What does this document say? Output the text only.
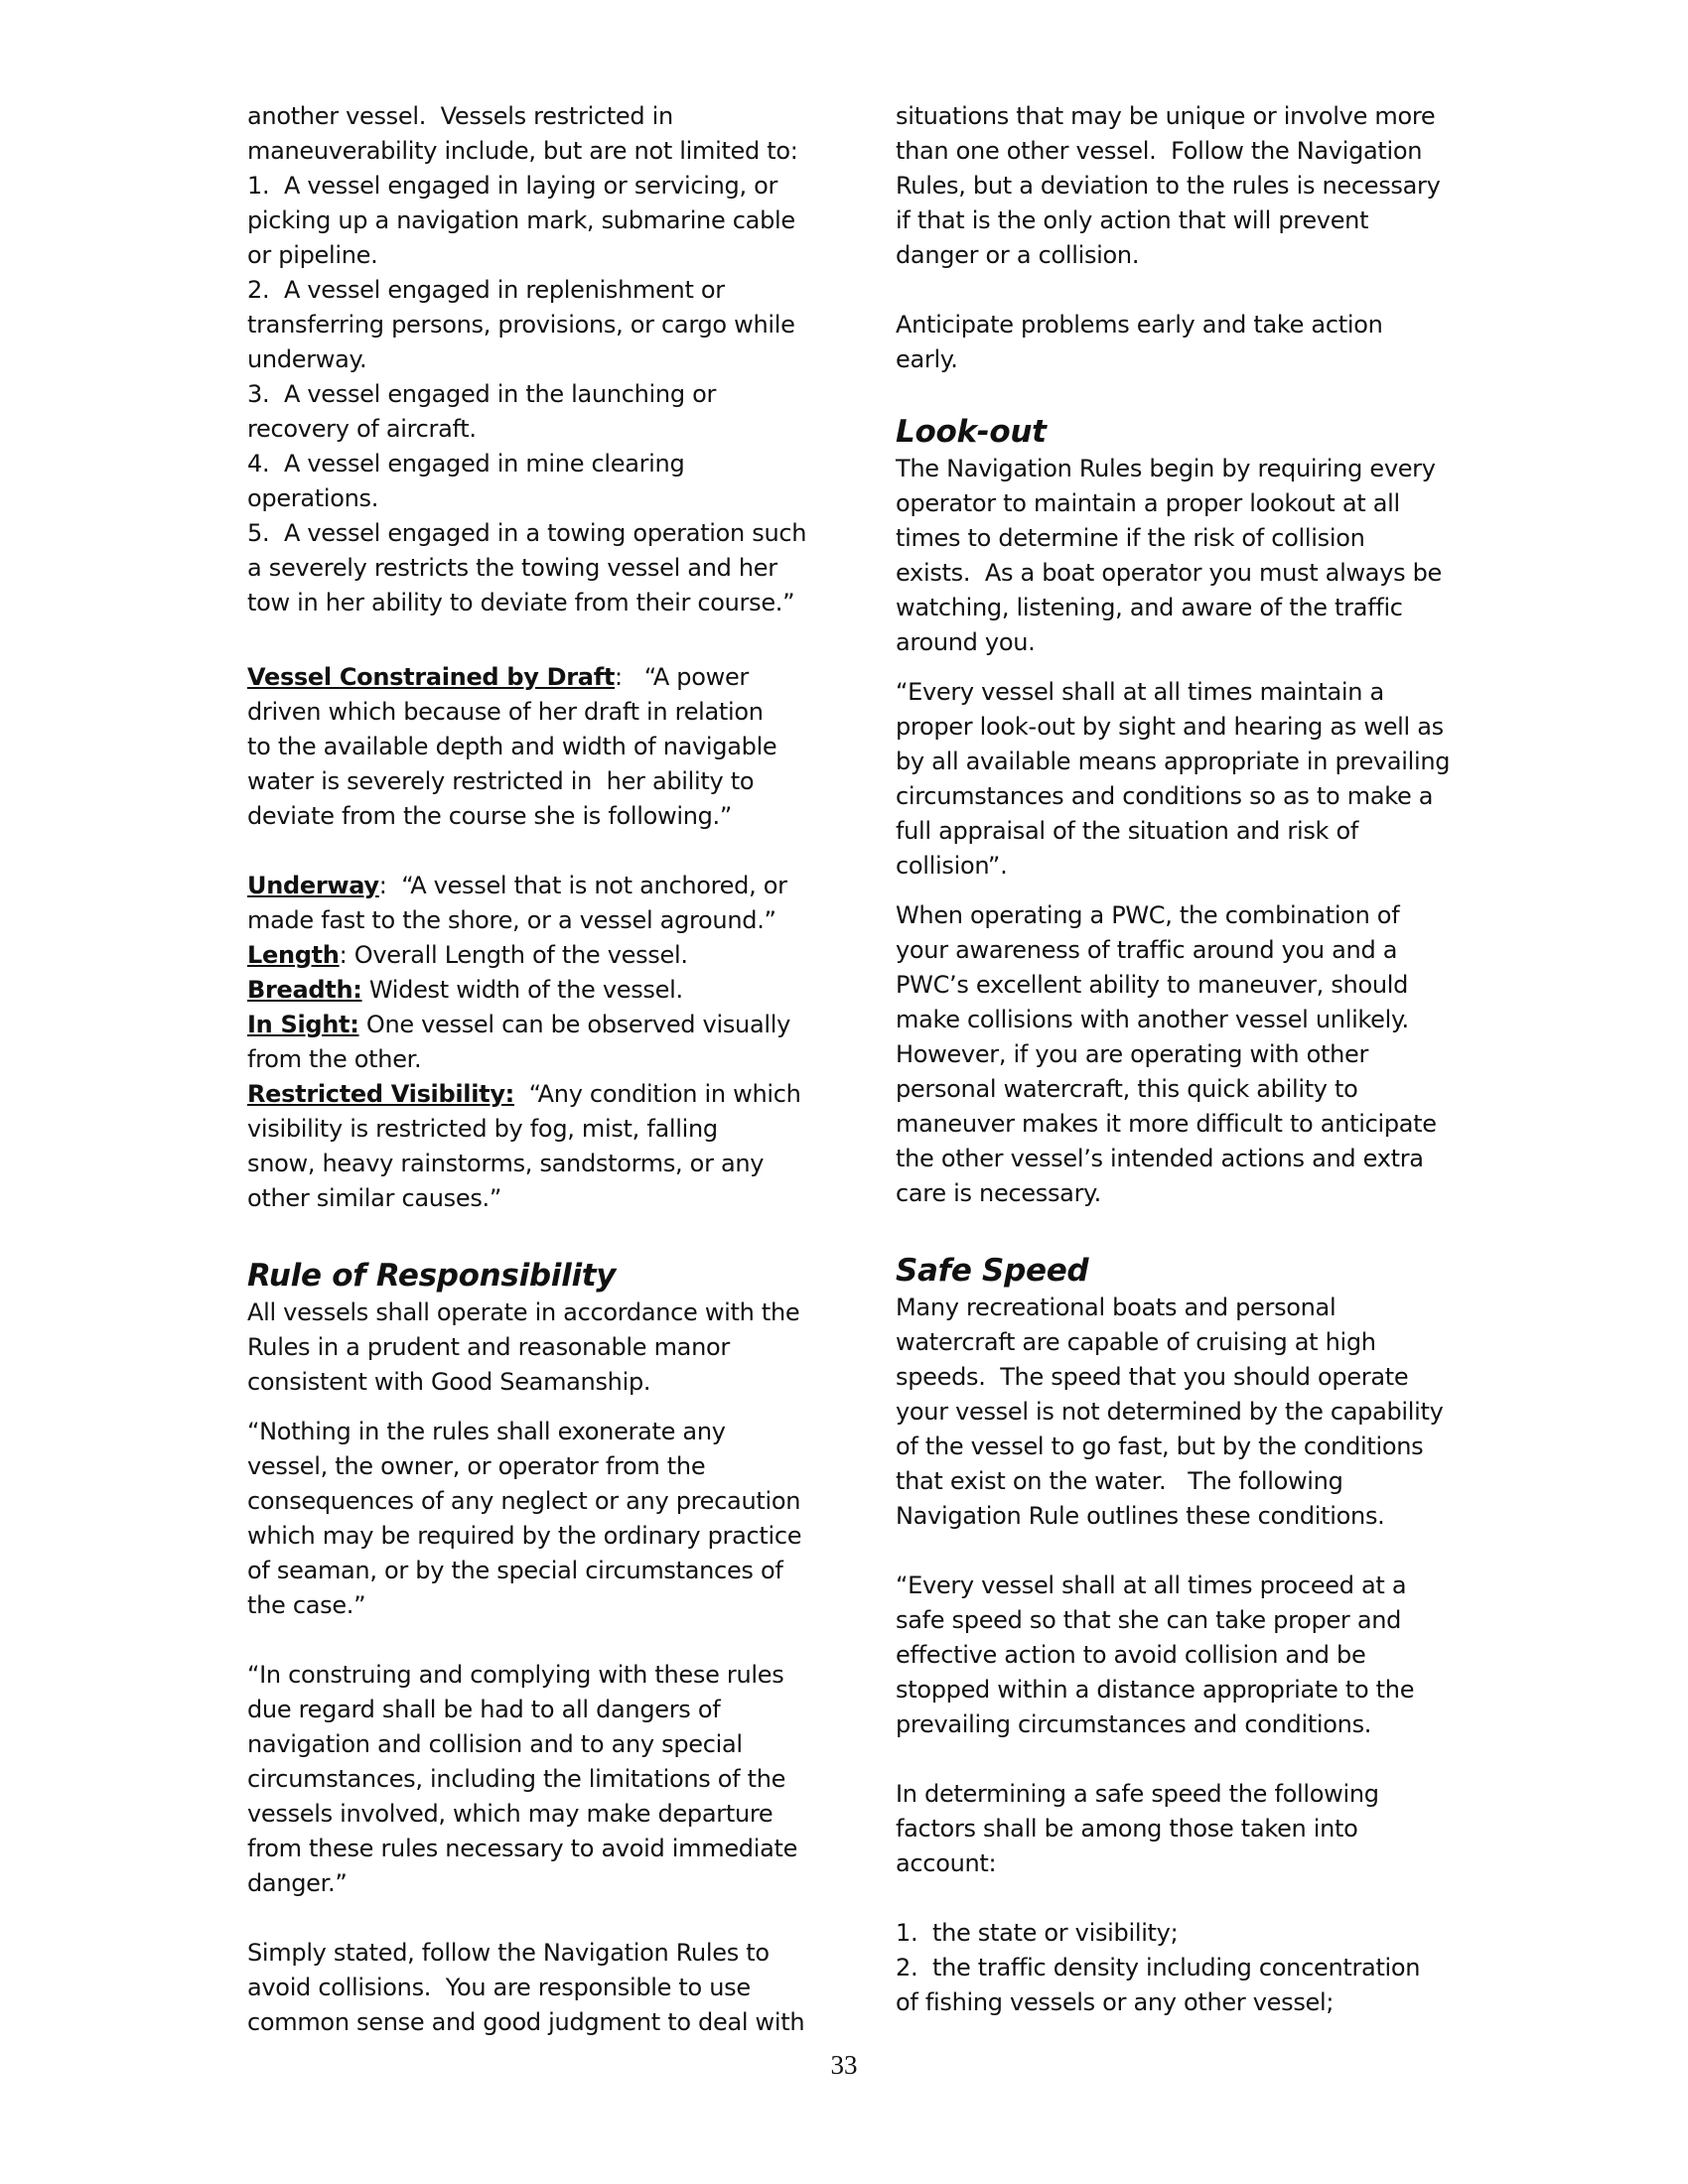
another vessel.  Vessels restricted in

maneuverability include, but are not limited to:

1.  A vessel engaged in laying or servicing, or

picking up a navigation mark, submarine cable

or pipeline.

2.  A vessel engaged in replenishment or

transferring persons, provisions, or cargo while

underway.

3.  A vessel engaged in the launching or

recovery of aircraft.

4.  A vessel engaged in mine clearing

operations.

5.  A vessel engaged in a towing operation such

a severely restricts the towing vessel and her

tow in her ability to deviate from their course.”

Vessel Constrained by Draft:   “A power

driven which because of her draft in relation

to the available depth and width of navigable

water is severely restricted in  her ability to

deviate from the course she is following.”

Underway:  “A vessel that is not anchored, or

made fast to the shore, or a vessel aground.”

Length: Overall Length of the vessel.

Breadth: Widest width of the vessel.

In Sight: One vessel can be observed visually

from the other.

Restricted Visibility:  “Any condition in which

visibility is restricted by fog, mist, falling

snow, heavy rainstorms, sandstorms, or any

other similar causes.”

Rule of Responsibility

All vessels shall operate in accordance with the

Rules in a prudent and reasonable manor

consistent with Good Seamanship.

“Nothing in the rules shall exonerate any

vessel, the owner, or operator from the

consequences of any neglect or any precaution

which may be required by the ordinary practice

of seaman, or by the special circumstances of

the case.”

“In construing and complying with these rules

due regard shall be had to all dangers of

navigation and collision and to any special

circumstances, including the limitations of the

vessels involved, which may make departure

from these rules necessary to avoid immediate

danger.”

Simply stated, follow the Navigation Rules to

avoid collisions.  You are responsible to use

common sense and good judgment to deal with

situations that may be unique or involve more

than one other vessel.  Follow the Navigation

Rules, but a deviation to the rules is necessary

if that is the only action that will prevent

danger or a collision.

Anticipate problems early and take action

early.

Look-out

The Navigation Rules begin by requiring every

operator to maintain a proper lookout at all

times to determine if the risk of collision

exists.  As a boat operator you must always be

watching, listening, and aware of the traffic

around you.

“Every vessel shall at all times maintain a

proper look-out by sight and hearing as well as

by all available means appropriate in prevailing

circumstances and conditions so as to make a

full appraisal of the situation and risk of

collision”.

When operating a PWC, the combination of

your awareness of traffic around you and a

PWC’s excellent ability to maneuver, should

make collisions with another vessel unlikely.

However, if you are operating with other

personal watercraft, this quick ability to

maneuver makes it more difficult to anticipate

the other vessel’s intended actions and extra

care is necessary.

Safe Speed

Many recreational boats and personal

watercraft are capable of cruising at high

speeds.  The speed that you should operate

your vessel is not determined by the capability

of the vessel to go fast, but by the conditions

that exist on the water.   The following

Navigation Rule outlines these conditions.

“Every vessel shall at all times proceed at a

safe speed so that she can take proper and

effective action to avoid collision and be

stopped within a distance appropriate to the

prevailing circumstances and conditions.

In determining a safe speed the following

factors shall be among those taken into

account:

1.  the state or visibility;

2.  the traffic density including concentration

of fishing vessels or any other vessel;

33
